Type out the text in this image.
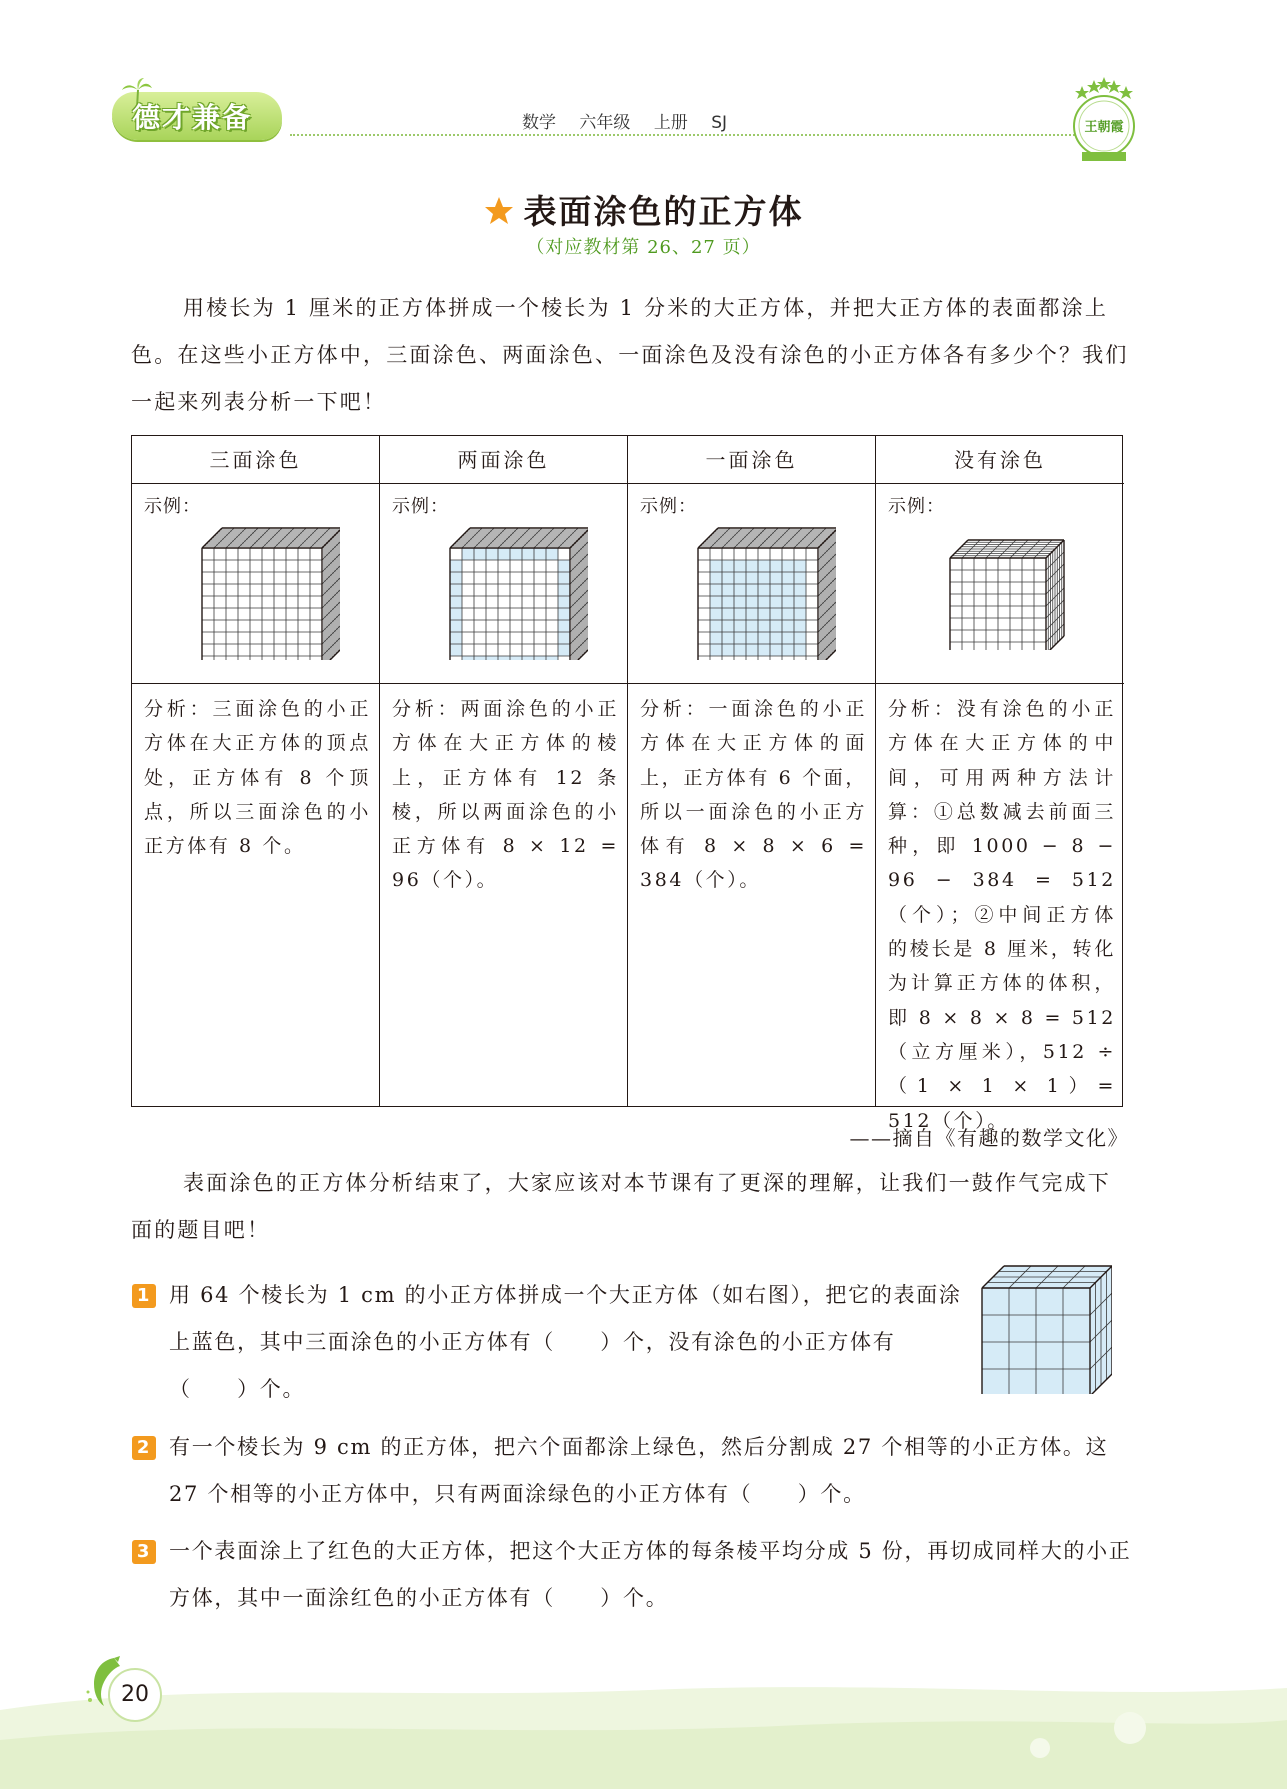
德才兼备	数学 六年级 上册 SJ	王朝霞
表面涂色的正方体
（对应教材第 26、27 页）
用棱长为 1 厘米的正方体拼成一个棱长为 1 分米的大正方体，并把大正方体的表面都涂上色。在这些小正方体中，三面涂色、两面涂色、一面涂色及没有涂色的小正方体各有多少个？我们一起来列表分析一下吧！
三面涂色
示例：
分析：三面涂色的小正方体在大正方体的顶点处，正方体有 8 个顶点，所以三面涂色的小正方体有 8 个。
两面涂色
示例：
分析：两面涂色的小正方体在大正方体的棱上，正方体有 12 条棱，所以两面涂色的小正方体有 8 × 12 = 96（个）。
一面涂色
示例：
分析：一面涂色的小正方体在大正方体的面上，正方体有 6 个面，所以一面涂色的小正方体有 8 × 8 × 6 = 384（个）。
没有涂色
示例：
分析：没有涂色的小正方体在大正方体的中间，可用两种方法计算：①总数减去前面三种，即 1000 − 8 − 96 − 384 = 512（个）；②中间正方体的棱长是 8 厘米，转化为计算正方体的体积，即 8 × 8 × 8 = 512（立方厘米），512 ÷（1 × 1 × 1）= 512（个）。
——摘自《有趣的数学文化》
表面涂色的正方体分析结束了，大家应该对本节课有了更深的理解，让我们一鼓作气完成下面的题目吧！
1 用 64 个棱长为 1 cm 的小正方体拼成一个大正方体（如右图），把它的表面涂上蓝色，其中三面涂色的小正方体有（　　）个，没有涂色的小正方体有（　　）个。
2 有一个棱长为 9 cm 的正方体，把六个面都涂上绿色，然后分割成 27 个相等的小正方体。这 27 个相等的小正方体中，只有两面涂绿色的小正方体有（　　）个。
3 一个表面涂上了红色的大正方体，把这个大正方体的每条棱平均分成 5 份，再切成同样大的小正方体，其中一面涂红色的小正方体有（　　）个。
20
